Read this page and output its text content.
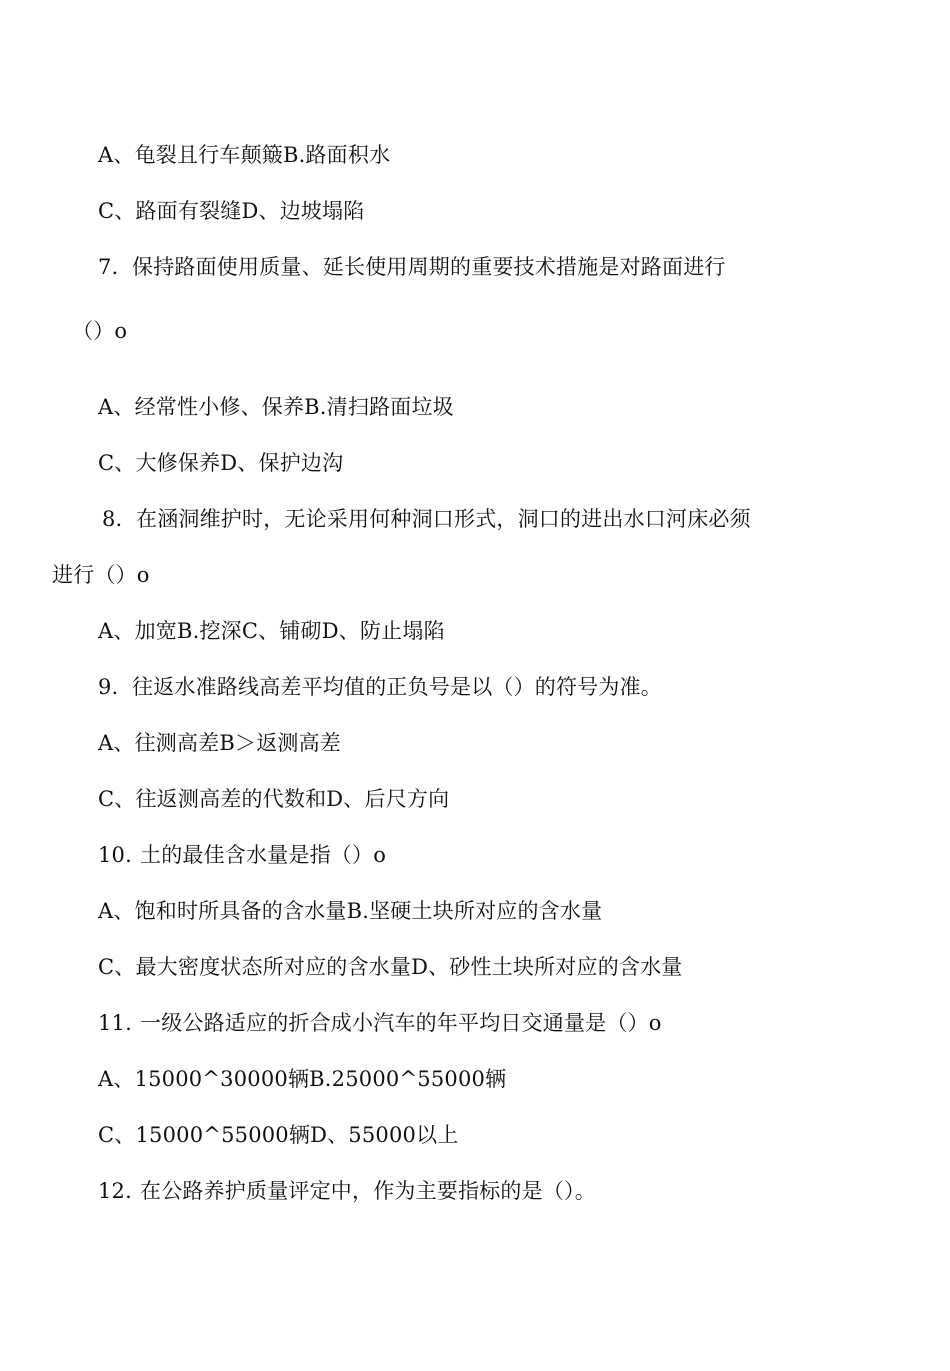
A、龟裂且行车颠簸B.路面积水
C、路面有裂缝D、边坡塌陷
7. 保持路面使用质量、延长使用周期的重要技术措施是对路面进行
（）o
A、经常性小修、保养B.清扫路面垃圾
C、大修保养D、保护边沟
8. 在涵洞维护时，无论采用何种洞口形式，洞口的进出水口河床必须
进行（）o
A、加宽B.挖深C、铺砌D、防止塌陷
9. 往返水准路线高差平均值的正负号是以（）的符号为准。
A、往测高差B＞返测高差
C、往返测高差的代数和D、后尺方向
10. 土的最佳含水量是指（）o
A、饱和时所具备的含水量B.坚硬土块所对应的含水量
C、最大密度状态所对应的含水量D、砂性土块所对应的含水量
11. 一级公路适应的折合成小汽车的年平均日交通量是（）o
A、15000^30000辆B.25000^55000辆
C、15000^55000辆D、55000以上
12. 在公路养护质量评定中，作为主要指标的是（）。
